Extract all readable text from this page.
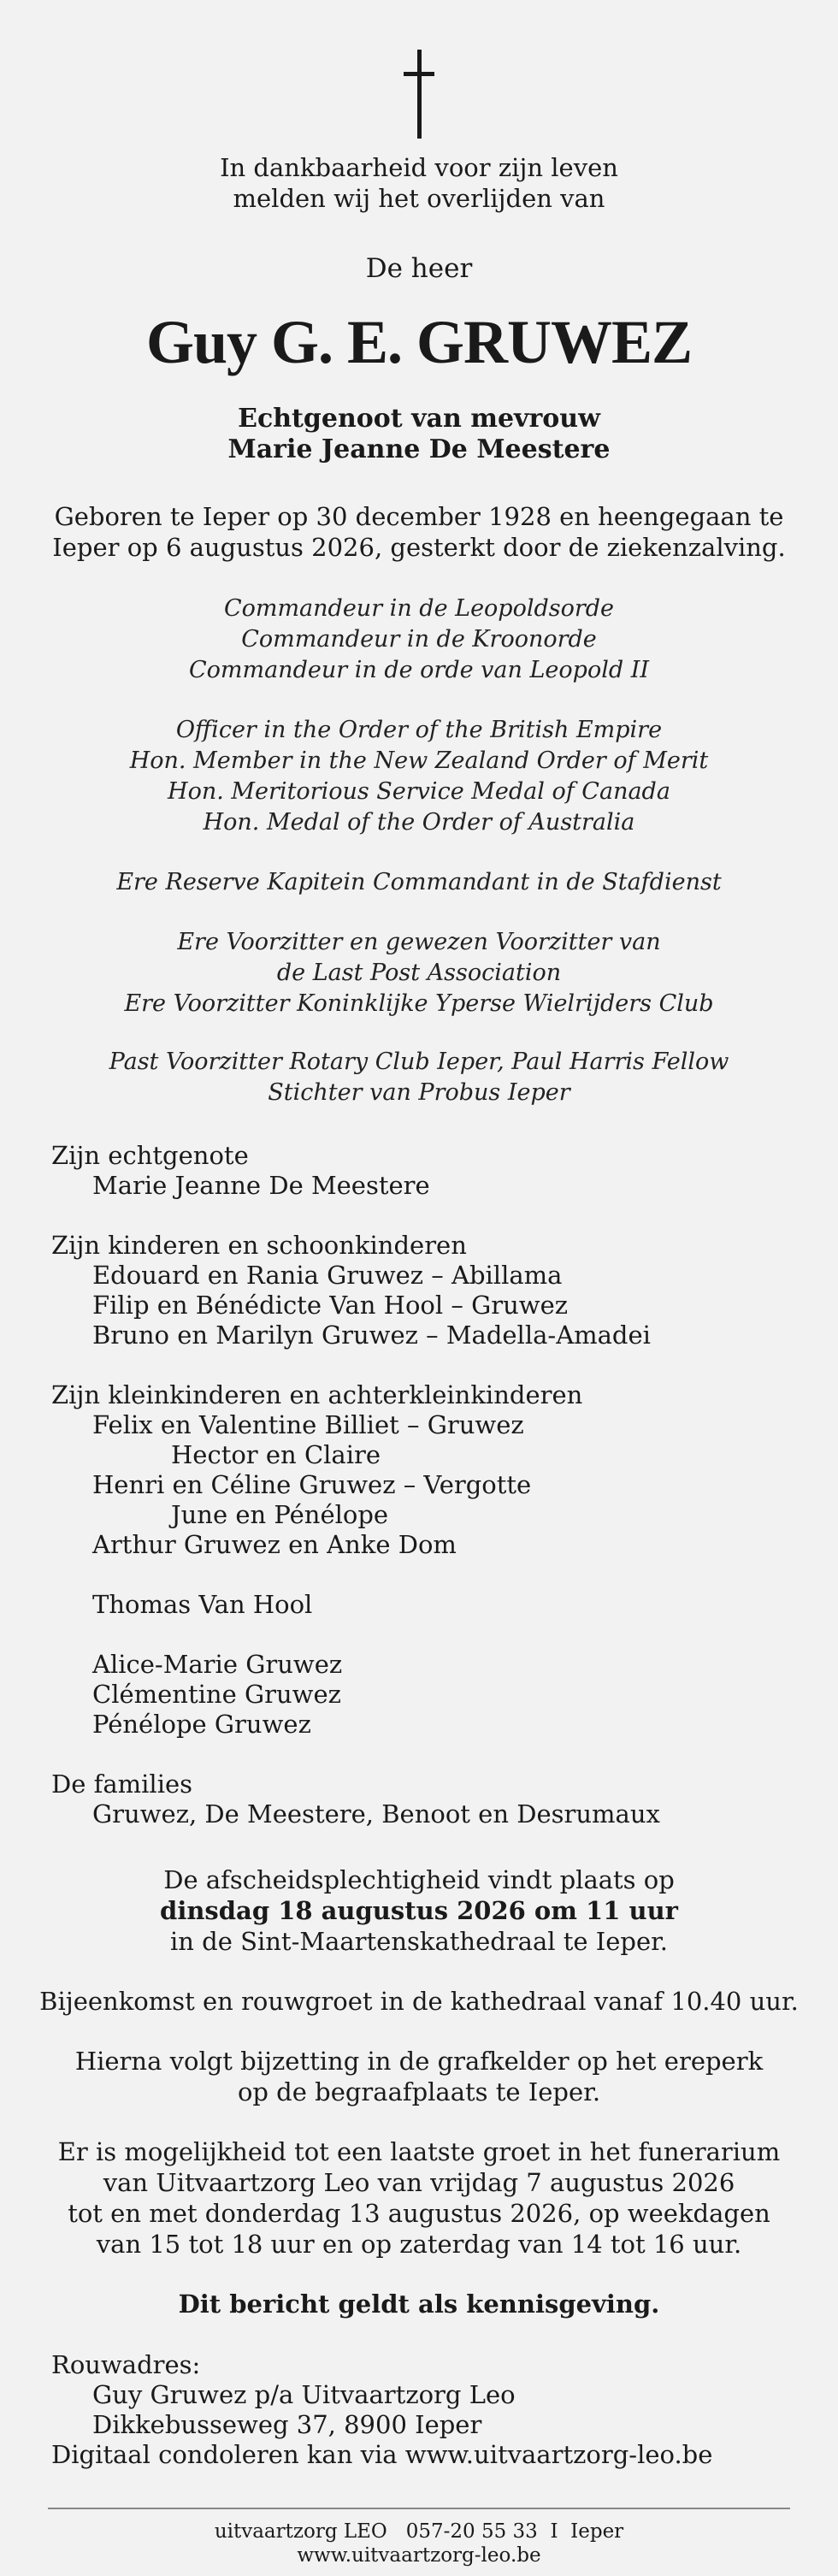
In dankbaarheid voor zijn leven
melden wij het overlijden van
De heer
Guy G. E. GRUWEZ
Echtgenoot van mevrouw
Marie Jeanne De Meestere
Geboren te Ieper op 30 december 1928 en heengegaan te
Ieper op 6 augustus 2026, gesterkt door de ziekenzalving.
Commandeur in de Leopoldsorde
Commandeur in de Kroonorde
Commandeur in de orde van Leopold II
Officer in the Order of the British Empire
Hon. Member in the New Zealand Order of Merit
Hon. Meritorious Service Medal of Canada
Hon. Medal of the Order of Australia
Ere Reserve Kapitein Commandant in de Stafdienst
Ere Voorzitter en gewezen Voorzitter van
de Last Post Association
Ere Voorzitter Koninklijke Yperse Wielrijders Club
Past Voorzitter Rotary Club Ieper, Paul Harris Fellow
Stichter van Probus Ieper
Zijn echtgenote
Marie Jeanne De Meestere

Zijn kinderen en schoonkinderen
Edouard en Rania Gruwez – Abillama
Filip en Bénédicte Van Hool – Gruwez
Bruno en Marilyn Gruwez – Madella-Amadei

Zijn kleinkinderen en achterkleinkinderen
Felix en Valentine Billiet – Gruwez
Hector en Claire
Henri en Céline Gruwez – Vergotte
June en Pénélope
Arthur Gruwez en Anke Dom

Thomas Van Hool

Alice-Marie Gruwez
Clémentine Gruwez
Pénélope Gruwez

De families
Gruwez, De Meestere, Benoot en Desrumaux
De afscheidsplechtigheid vindt plaats op
dinsdag 18 augustus 2026 om 11 uur
in de Sint-Maartenskathedraal te Ieper.
Bijeenkomst en rouwgroet in de kathedraal vanaf 10.40 uur.
Hierna volgt bijzetting in de grafkelder op het ereperk
op de begraafplaats te Ieper.
Er is mogelijkheid tot een laatste groet in het funerarium
van Uitvaartzorg Leo van vrijdag 7 augustus 2026
tot en met donderdag 13 augustus 2026, op weekdagen
van 15 tot 18 uur en op zaterdag van 14 tot 16 uur.
Dit bericht geldt als kennisgeving.
Rouwadres:
Guy Gruwez p/a Uitvaartzorg Leo
Dikkebusseweg 37, 8900 Ieper
Digitaal condoleren kan via www.uitvaartzorg-leo.be
uitvaartzorg LEO   057-20 55 33  I  Ieper
www.uitvaartzorg-leo.be
